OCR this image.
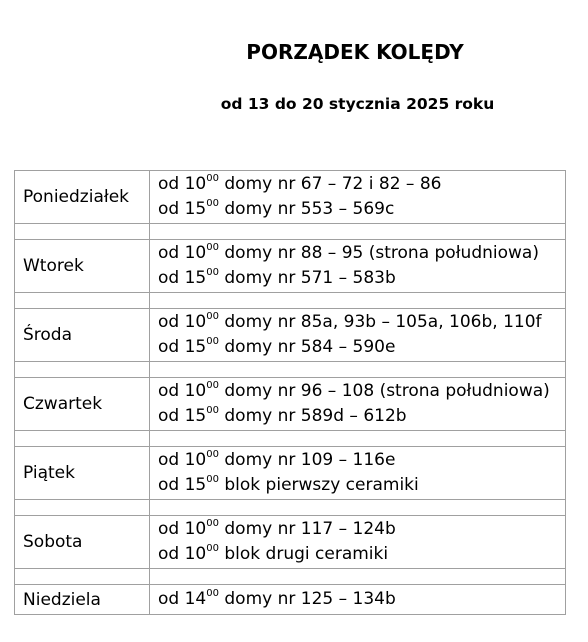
PORZĄDEK KOLĘDY
od 13 do 20 stycznia 2025 roku
Poniedziałek	od $10^{00}$ domy nr 67 – 72 i 82 – 86
od $15^{00}$ domy nr 553 – 569c

Wtorek	od $10^{00}$ domy nr 88 – 95 (strona południowa)
od $15^{00}$ domy nr 571 – 583b

Środa	od $10^{00}$ domy nr 85a, 93b – 105a, 106b, 110f
od $15^{00}$ domy nr 584 – 590e

Czwartek	od $10^{00}$ domy nr 96 – 108 (strona południowa)
od $15^{00}$ domy nr 589d – 612b

Piątek	od $10^{00}$ domy nr 109 – 116e
od $15^{00}$ blok pierwszy ceramiki

Sobota	od $10^{00}$ domy nr 117 – 124b
od $10^{00}$ blok drugi ceramiki

Niedziela	od $14^{00}$ domy nr 125 – 134b
